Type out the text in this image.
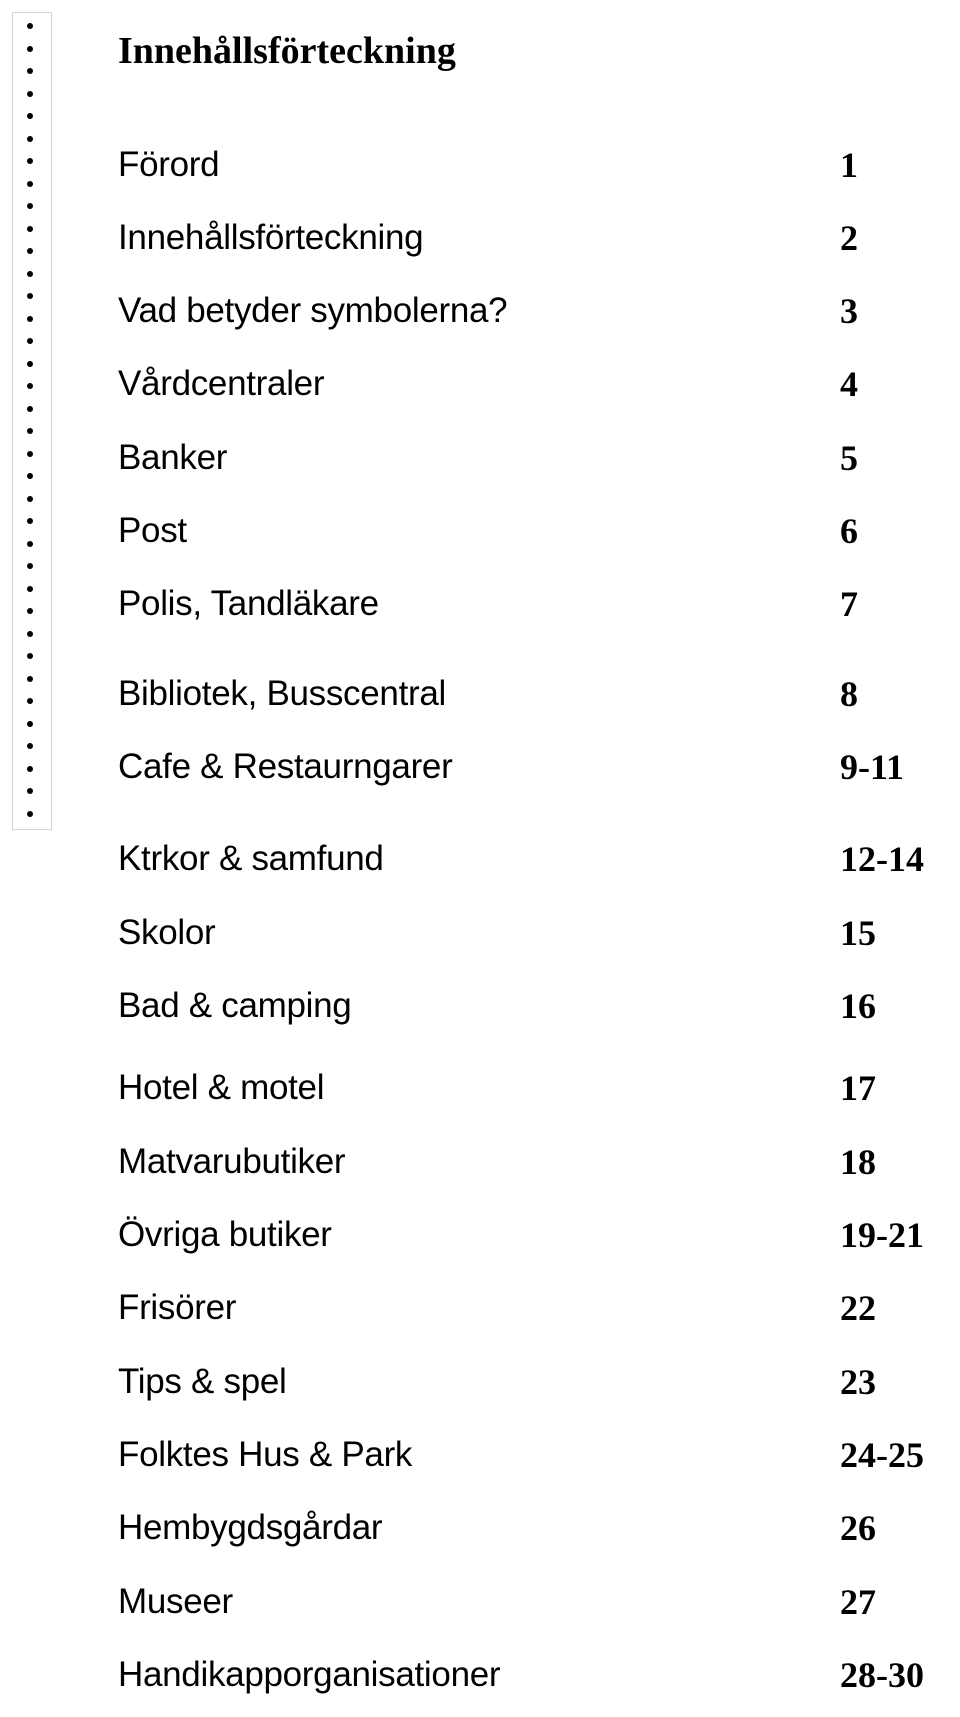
Innehållsförteckning
Förord	1
Innehållsförteckning	2
Vad betyder symbolerna?	3
Vårdcentraler	4
Banker	5
Post	6
Polis, Tandläkare	7
Bibliotek, Busscentral	8
Cafe & Restaurngarer	9-11
Ktrkor & samfund	12-14
Skolor	15
Bad & camping	16
Hotel & motel	17
Matvarubutiker	18
Övriga butiker	19-21
Frisörer	22
Tips & spel	23
Folktes Hus & Park	24-25
Hembygdsgårdar	26
Museer	27
Handikapporganisationer	28-30
